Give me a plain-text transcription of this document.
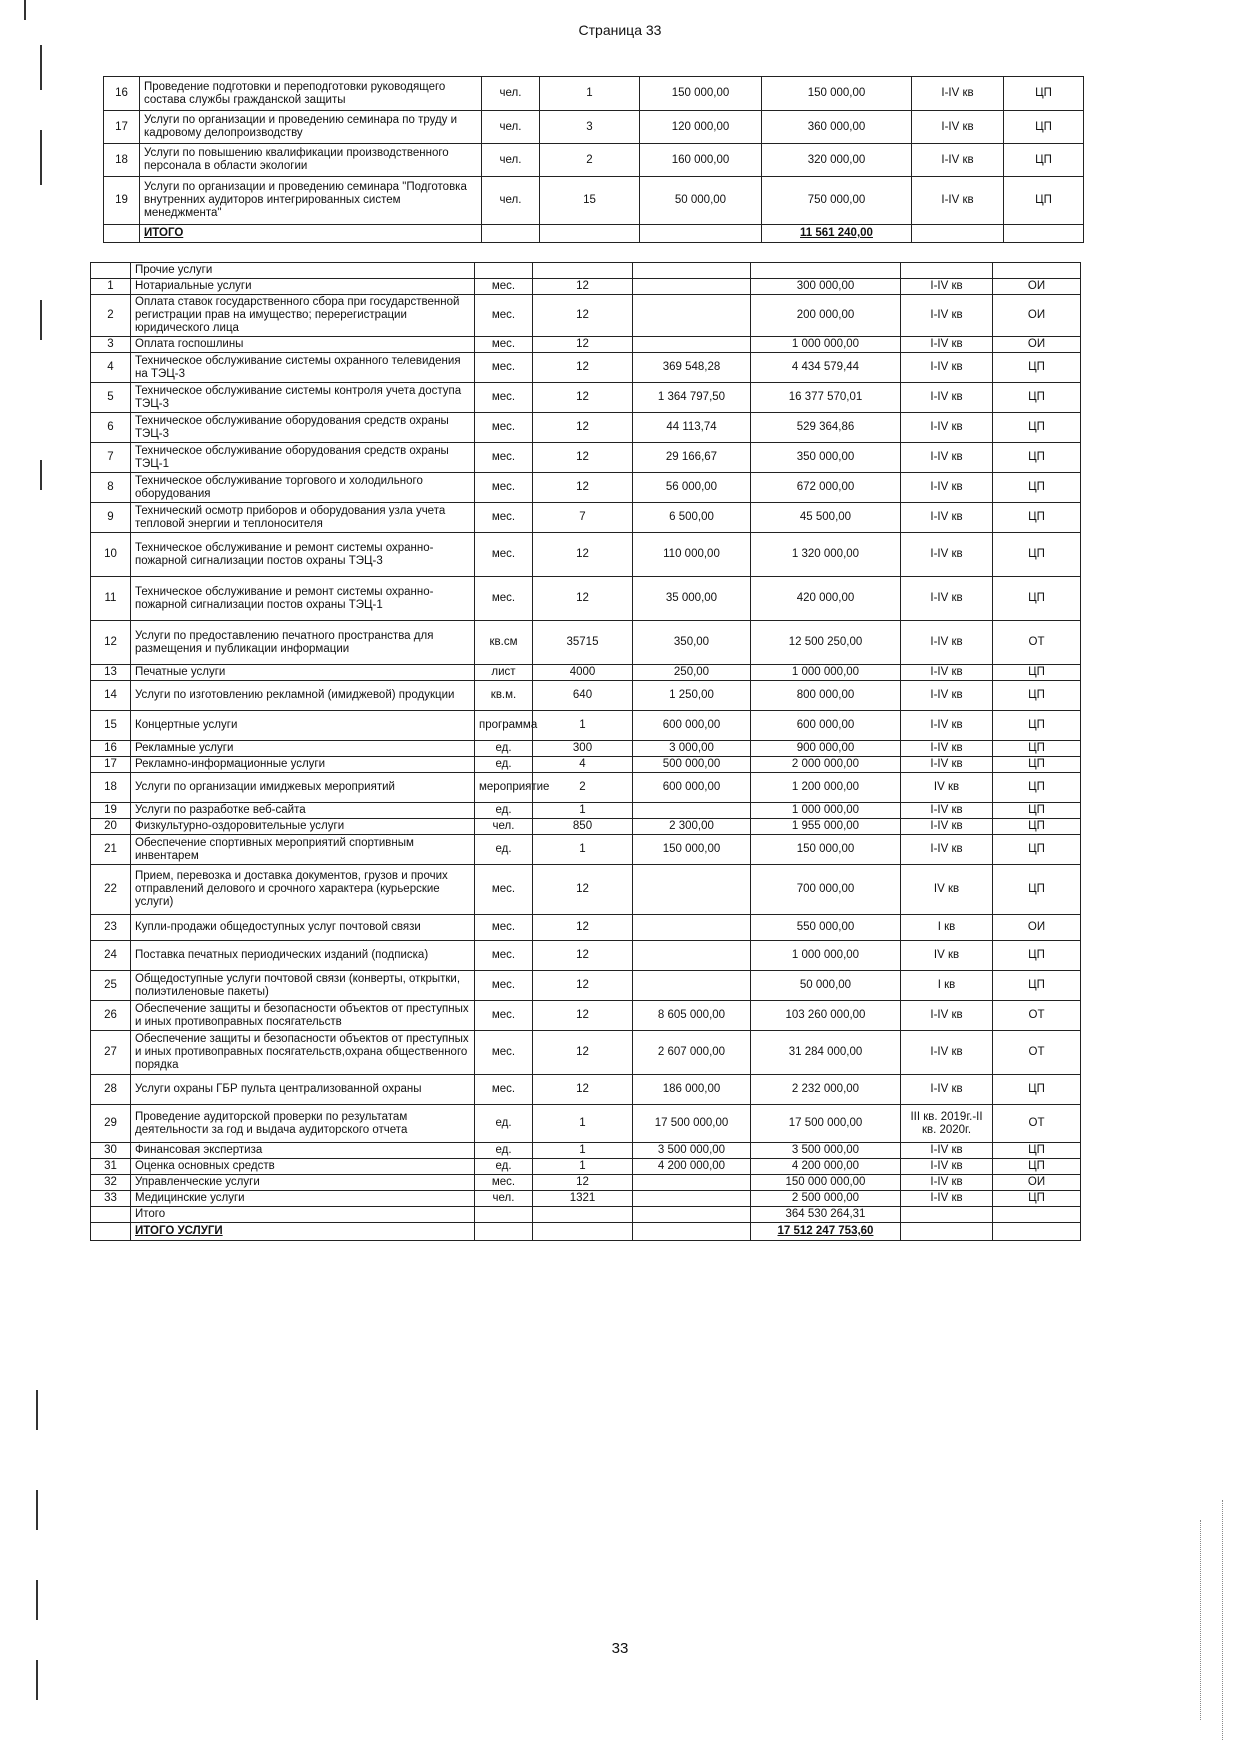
Страница 33
16	Проведение подготовки и переподготовки руководящего состава службы гражданской защиты	чел.	1	150 000,00	150 000,00	I-IV кв	ЦП
17	Услуги по организации и проведению семинара по труду и кадровому делопроизводству	чел.	3	120 000,00	360 000,00	I-IV кв	ЦП
18	Услуги по повышению квалификации производственного персонала в области экологии	чел.	2	160 000,00	320 000,00	I-IV кв	ЦП
19	Услуги по организации и проведению семинара "Подготовка внутренних аудиторов интегрированных систем менеджмента"	чел.	15	50 000,00	750 000,00	I-IV кв	ЦП
	ИТОГО				11 561 240,00		
	Прочие услуги						
1	Нотариальные услуги	мес.	12		300 000,00	I-IV кв	ОИ
2	Оплата ставок государственного сбора при государственной регистрации прав на имущество; перерегистрации юридического лица	мес.	12		200 000,00	I-IV кв	ОИ
3	Оплата госпошлины	мес.	12		1 000 000,00	I-IV кв	ОИ
4	Техническое обслуживание системы охранного телевидения на ТЭЦ-3	мес.	12	369 548,28	4 434 579,44	I-IV кв	ЦП
5	Техническое обслуживание системы контроля учета доступа ТЭЦ-3	мес.	12	1 364 797,50	16 377 570,01	I-IV кв	ЦП
6	Техническое обслуживание оборудования средств охраны ТЭЦ-3	мес.	12	44 113,74	529 364,86	I-IV кв	ЦП
7	Техническое обслуживание оборудования средств охраны ТЭЦ-1	мес.	12	29 166,67	350 000,00	I-IV кв	ЦП
8	Техническое обслуживание торгового и холодильного оборудования	мес.	12	56 000,00	672 000,00	I-IV кв	ЦП
9	Технический осмотр приборов и оборудования узла учета тепловой энергии и теплоносителя	мес.	7	6 500,00	45 500,00	I-IV кв	ЦП
10	Техническое обслуживание и ремонт системы охранно-пожарной сигнализации постов охраны ТЭЦ-3	мес.	12	110 000,00	1 320 000,00	I-IV кв	ЦП
11	Техническое обслуживание и ремонт системы охранно-пожарной сигнализации постов охраны ТЭЦ-1	мес.	12	35 000,00	420 000,00	I-IV кв	ЦП
12	Услуги по предоставлению печатного пространства для размещения и публикации информации	кв.см	35715	350,00	12 500 250,00	I-IV кв	ОТ
13	Печатные услуги	лист	4000	250,00	1 000 000,00	I-IV кв	ЦП
14	Услуги по изготовлению рекламной (имиджевой) продукции	кв.м.	640	1 250,00	800 000,00	I-IV кв	ЦП
15	Концертные услуги	программа	1	600 000,00	600 000,00	I-IV кв	ЦП
16	Рекламные услуги	ед.	300	3 000,00	900 000,00	I-IV кв	ЦП
17	Рекламно-информационные услуги	ед.	4	500 000,00	2 000 000,00	I-IV кв	ЦП
18	Услуги по организации имиджевых мероприятий	мероприятие	2	600 000,00	1 200 000,00	IV кв	ЦП
19	Услуги по разработке веб-сайта	ед.	1		1 000 000,00	I-IV кв	ЦП
20	Физкультурно-оздоровительные услуги	чел.	850	2 300,00	1 955 000,00	I-IV кв	ЦП
21	Обеспечение спортивных мероприятий спортивным инвентарем	ед.	1	150 000,00	150 000,00	I-IV кв	ЦП
22	Прием, перевозка и доставка документов, грузов и прочих отправлений делового и срочного характера (курьерские услуги)	мес.	12		700 000,00	IV кв	ЦП
23	Купли-продажи общедоступных услуг почтовой связи	мес.	12		550 000,00	I кв	ОИ
24	Поставка печатных периодических изданий (подписка)	мес.	12		1 000 000,00	IV кв	ЦП
25	Общедоступные услуги почтовой связи (конверты, открытки, полиэтиленовые пакеты)	мес.	12		50 000,00	I кв	ЦП
26	Обеспечение защиты и безопасности объектов от преступных и иных противоправных посягательств	мес.	12	8 605 000,00	103 260 000,00	I-IV кв	ОТ
27	Обеспечение защиты и безопасности объектов от преступных и иных противоправных посягательств,охрана общественного порядка	мес.	12	2 607 000,00	31 284 000,00	I-IV кв	ОТ
28	Услуги охраны ГБР пульта централизованной охраны	мес.	12	186 000,00	2 232 000,00	I-IV кв	ЦП
29	Проведение аудиторской проверки по результатам деятельности за год и выдача аудиторского отчета	ед.	1	17 500 000,00	17 500 000,00	III кв. 2019г.-II кв. 2020г.	ОТ
30	Финансовая экспертиза	ед.	1	3 500 000,00	3 500 000,00	I-IV кв	ЦП
31	Оценка основных средств	ед.	1	4 200 000,00	4 200 000,00	I-IV кв	ЦП
32	Управленческие услуги	мес.	12		150 000 000,00	I-IV кв	ОИ
33	Медицинские услуги	чел.	1321		2 500 000,00	I-IV кв	ЦП
	Итого				364 530 264,31		
	ИТОГО УСЛУГИ				17 512 247 753,60		
33
